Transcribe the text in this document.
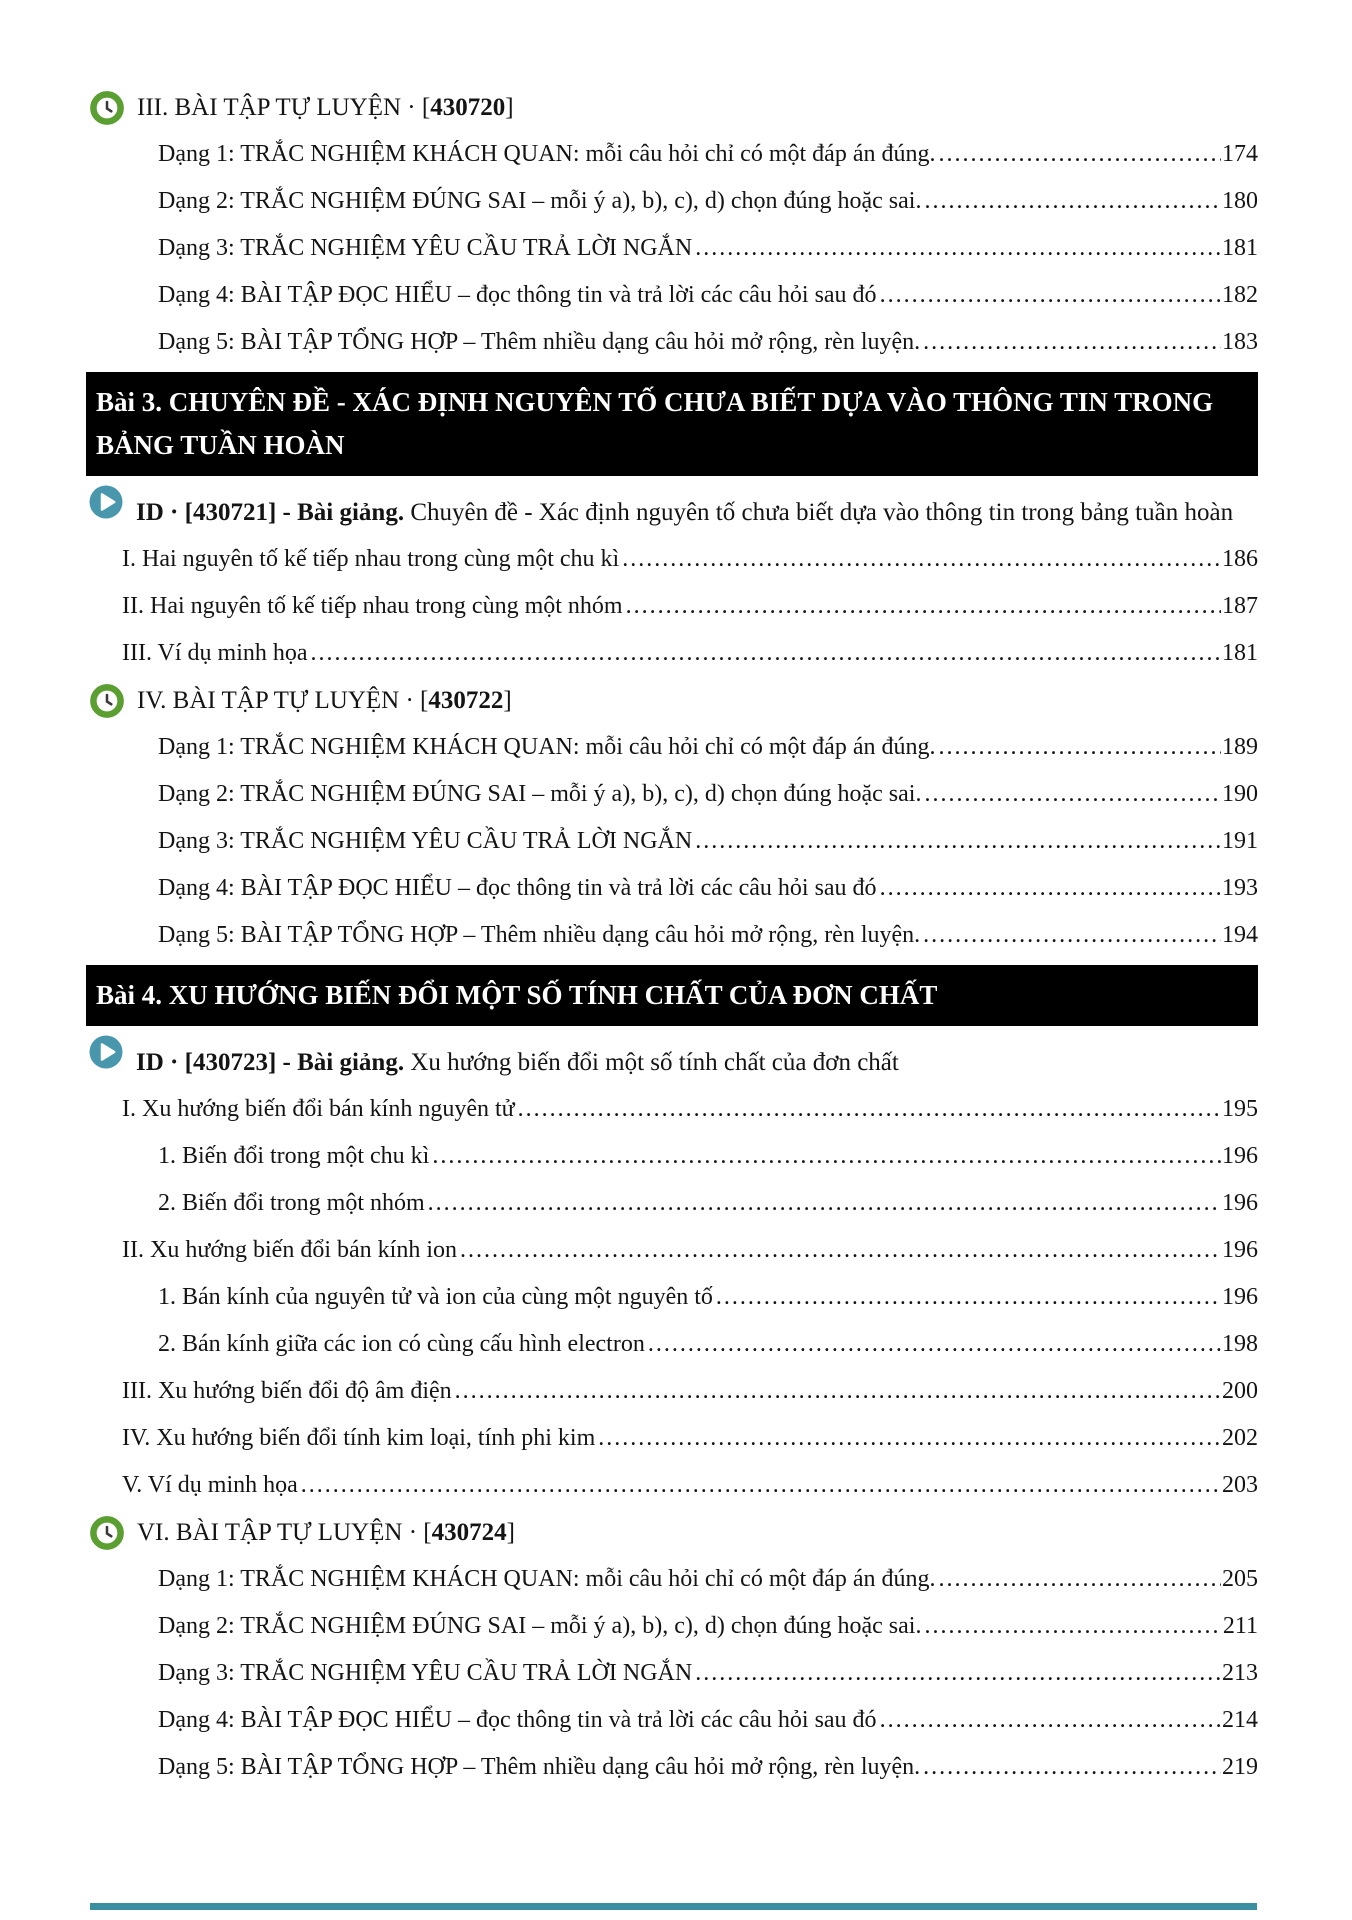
III. BÀI TẬP TỰ LUYỆN · [430720]
Dạng 1: TRẮC NGHIỆM KHÁCH QUAN: mỗi câu hỏi chỉ có một đáp án đúng. .....	174
Dạng 2: TRẮC NGHIỆM ĐÚNG SAI – mỗi ý a), b), c), d) chọn đúng hoặc sai. .....	180
Dạng 3: TRẮC NGHIỆM YÊU CẦU TRẢ LỜI NGẮN .....	181
Dạng 4: BÀI TẬP ĐỌC HIỂU – đọc thông tin và trả lời các câu hỏi sau đó .....	182
Dạng 5: BÀI TẬP TỔNG HỢP – Thêm nhiều dạng câu hỏi mở rộng, rèn luyện. .....	183
Bài 3. CHUYÊN ĐỀ - XÁC ĐỊNH NGUYÊN TỐ CHƯA BIẾT DỰA VÀO THÔNG TIN TRONG BẢNG TUẦN HOÀN
ID · [430721] - Bài giảng. Chuyên đề - Xác định nguyên tố chưa biết dựa vào thông tin trong bảng tuần hoàn
I. Hai nguyên tố kế tiếp nhau trong cùng một chu kì .....	186
II. Hai nguyên tố kế tiếp nhau trong cùng một nhóm .....	187
III. Ví dụ minh họa .....	181
IV. BÀI TẬP TỰ LUYỆN · [430722]
Dạng 1: TRẮC NGHIỆM KHÁCH QUAN: mỗi câu hỏi chỉ có một đáp án đúng. .....	189
Dạng 2: TRẮC NGHIỆM ĐÚNG SAI – mỗi ý a), b), c), d) chọn đúng hoặc sai. .....	190
Dạng 3: TRẮC NGHIỆM YÊU CẦU TRẢ LỜI NGẮN .....	191
Dạng 4: BÀI TẬP ĐỌC HIỂU – đọc thông tin và trả lời các câu hỏi sau đó .....	193
Dạng 5: BÀI TẬP TỔNG HỢP – Thêm nhiều dạng câu hỏi mở rộng, rèn luyện. .....	194
Bài 4. XU HƯỚNG BIẾN ĐỔI MỘT SỐ TÍNH CHẤT CỦA ĐƠN CHẤT
ID · [430723] - Bài giảng. Xu hướng biến đổi một số tính chất của đơn chất
I. Xu hướng biến đổi bán kính nguyên tử .....	195
1. Biến đổi trong một chu kì .....	196
2. Biến đổi trong một nhóm .....	196
II. Xu hướng biến đổi bán kính ion .....	196
1. Bán kính của nguyên tử và ion của cùng một nguyên tố .....	196
2. Bán kính giữa các ion có cùng cấu hình electron .....	198
III. Xu hướng biến đổi độ âm điện .....	200
IV. Xu hướng biến đổi tính kim loại, tính phi kim .....	202
V. Ví dụ minh họa .....	203
VI. BÀI TẬP TỰ LUYỆN · [430724]
Dạng 1: TRẮC NGHIỆM KHÁCH QUAN: mỗi câu hỏi chỉ có một đáp án đúng. .....	205
Dạng 2: TRẮC NGHIỆM ĐÚNG SAI – mỗi ý a), b), c), d) chọn đúng hoặc sai. .....	211
Dạng 3: TRẮC NGHIỆM YÊU CẦU TRẢ LỜI NGẮN .....	213
Dạng 4: BÀI TẬP ĐỌC HIỂU – đọc thông tin và trả lời các câu hỏi sau đó .....	214
Dạng 5: BÀI TẬP TỔNG HỢP – Thêm nhiều dạng câu hỏi mở rộng, rèn luyện. .....	219
